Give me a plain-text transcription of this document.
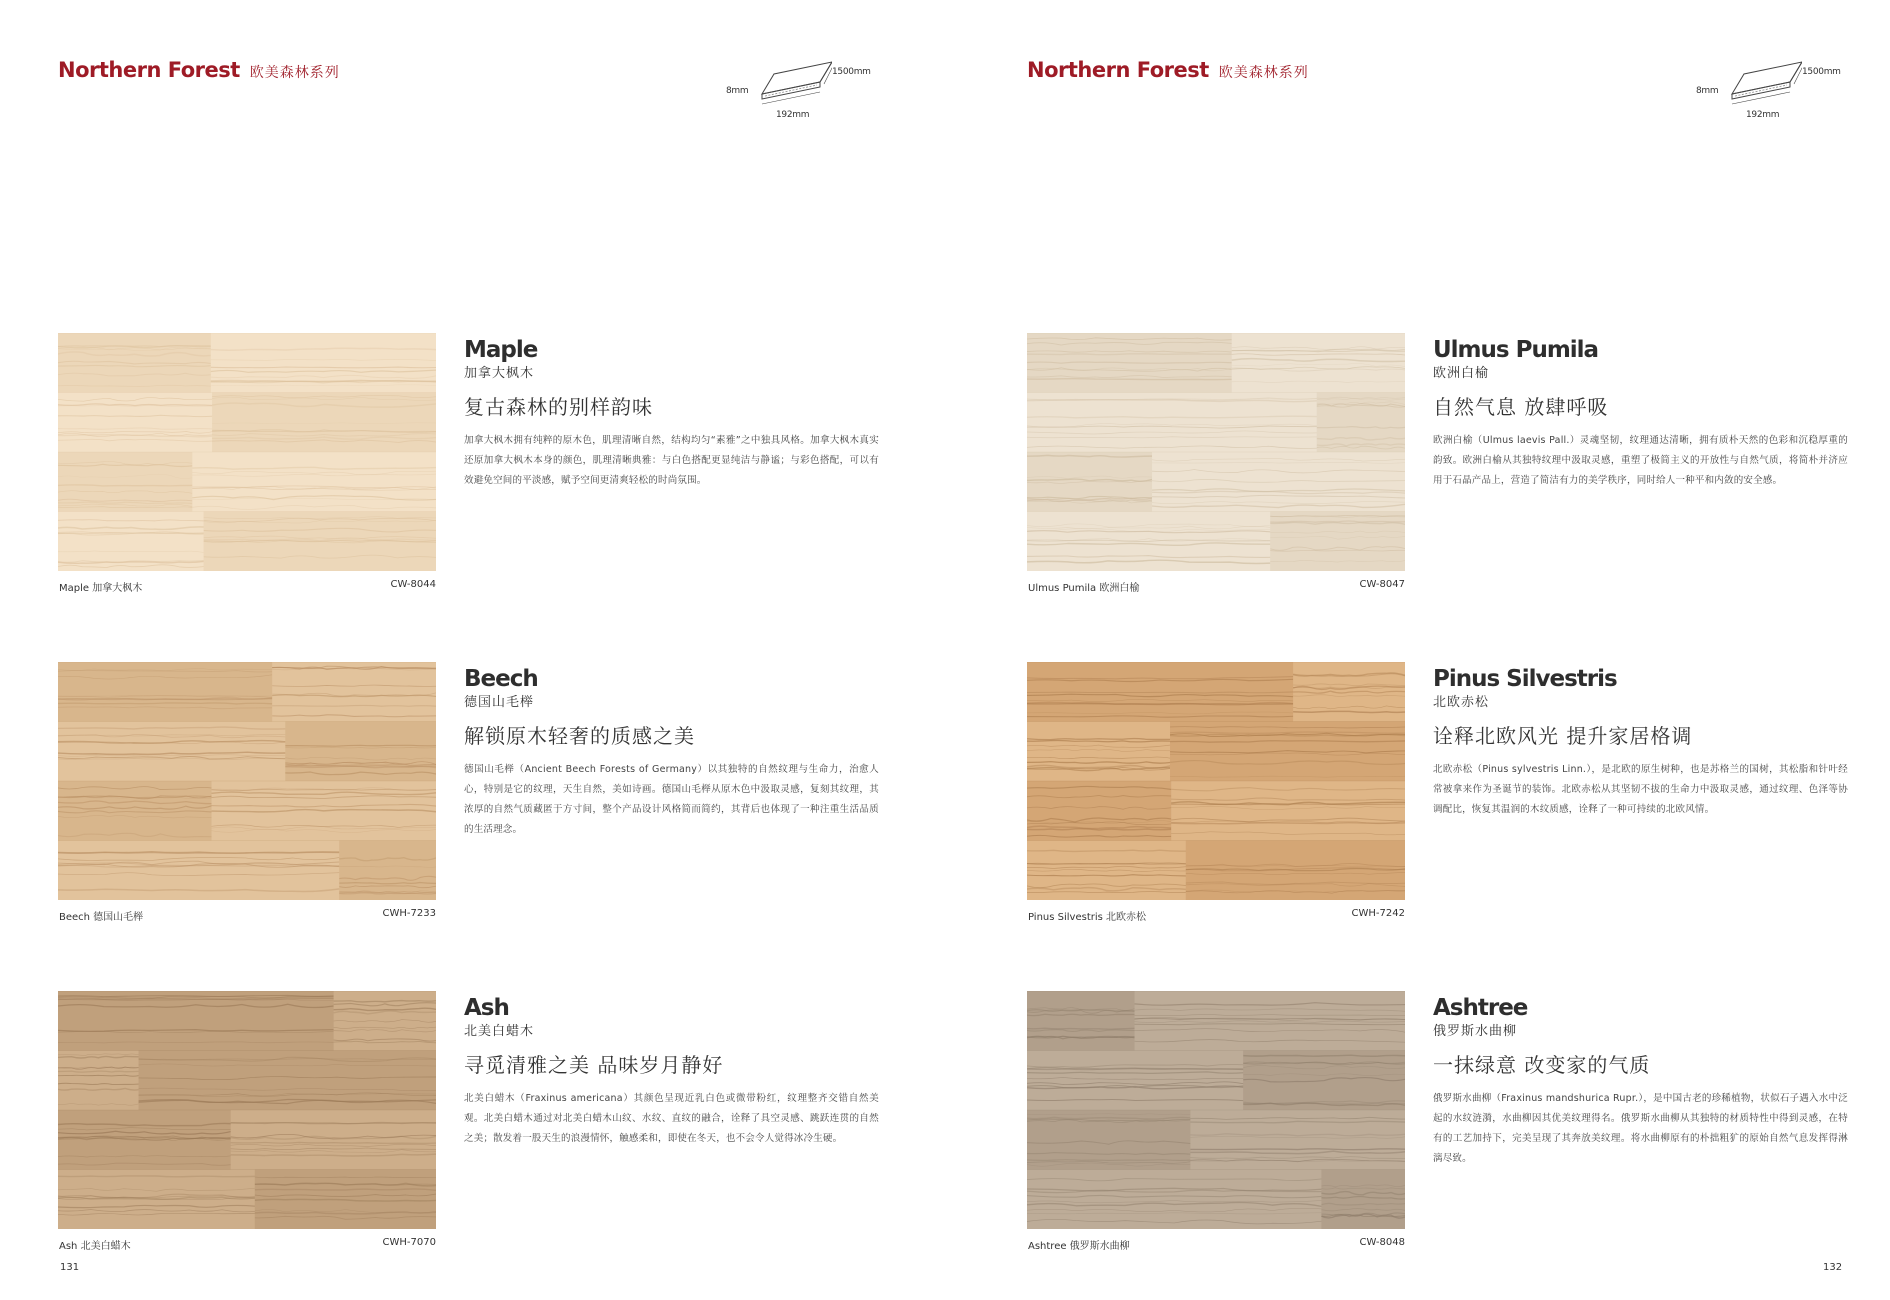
Northern Forest 欧美森林系列
8mm
1500mm
192mm
Maple 加拿大枫木	CW-8044
Maple
加拿大枫木
复古森林的别样韵味
加拿大枫木拥有纯粹的原木色，肌理清晰自然，结构均匀“素雅”之中独具风格。加拿大枫木真实还原加拿大枫木本身的颜色，肌理清晰典雅：与白色搭配更显纯洁与静谧；与彩色搭配，可以有效避免空间的平淡感，赋予空间更清爽轻松的时尚氛围。
Beech 德国山毛榉	CWH-7233
Beech
德国山毛榉
解锁原木轻奢的质感之美
德国山毛榉（Ancient Beech Forests of Germany）以其独特的自然纹理与生命力，治愈人心，特别是它的纹理，天生自然，美如诗画。德国山毛榉从原木色中汲取灵感，复刻其纹理，其浓厚的自然气质藏匿于方寸间，整个产品设计风格简而简约，其背后也体现了一种注重生活品质的生活理念。
Ash 北美白蜡木	CWH-7070
Ash
北美白蜡木
寻觅清雅之美 品味岁月静好
北美白蜡木（Fraxinus americana）其颜色呈现近乳白色或微带粉红，纹理整齐交错自然美观。北美白蜡木通过对北美白蜡木山纹、水纹、直纹的融合，诠释了具空灵感、跳跃连贯的自然之美；散发着一股天生的浪漫情怀，触感柔和，即使在冬天，也不会令人觉得冰冷生硬。
131
Northern Forest 欧美森林系列
8mm
1500mm
192mm
Ulmus Pumila 欧洲白榆	CW-8047
Ulmus Pumila
欧洲白榆
自然气息 放肆呼吸
欧洲白榆（Ulmus laevis Pall.）灵魂坚韧，纹理通达清晰，拥有质朴天然的色彩和沉稳厚重的韵致。欧洲白榆从其独特纹理中汲取灵感，重塑了极简主义的开放性与自然气质，将简朴并济应用于石晶产品上，营造了简洁有力的美学秩序，同时给人一种平和内敛的安全感。
Pinus Silvestris 北欧赤松	CWH-7242
Pinus Silvestris
北欧赤松
诠释北欧风光 提升家居格调
北欧赤松（Pinus sylvestris Linn.），是北欧的原生树种，也是苏格兰的国树，其松脂和针叶经常被拿来作为圣诞节的装饰。北欧赤松从其坚韧不拔的生命力中汲取灵感，通过纹理、色泽等协调配比，恢复其温润的木纹质感，诠释了一种可持续的北欧风情。
Ashtree 俄罗斯水曲柳	CW-8048
Ashtree
俄罗斯水曲柳
一抹绿意 改变家的气质
俄罗斯水曲柳（Fraxinus mandshurica Rupr.），是中国古老的珍稀植物，状似石子遇入水中泛起的水纹涟漪，水曲柳因其优美纹理得名。俄罗斯水曲柳从其独特的材质特性中得到灵感，在特有的工艺加持下，完美呈现了其奔放美纹理。将水曲柳原有的朴拙粗犷的原始自然气息发挥得淋漓尽致。
132
